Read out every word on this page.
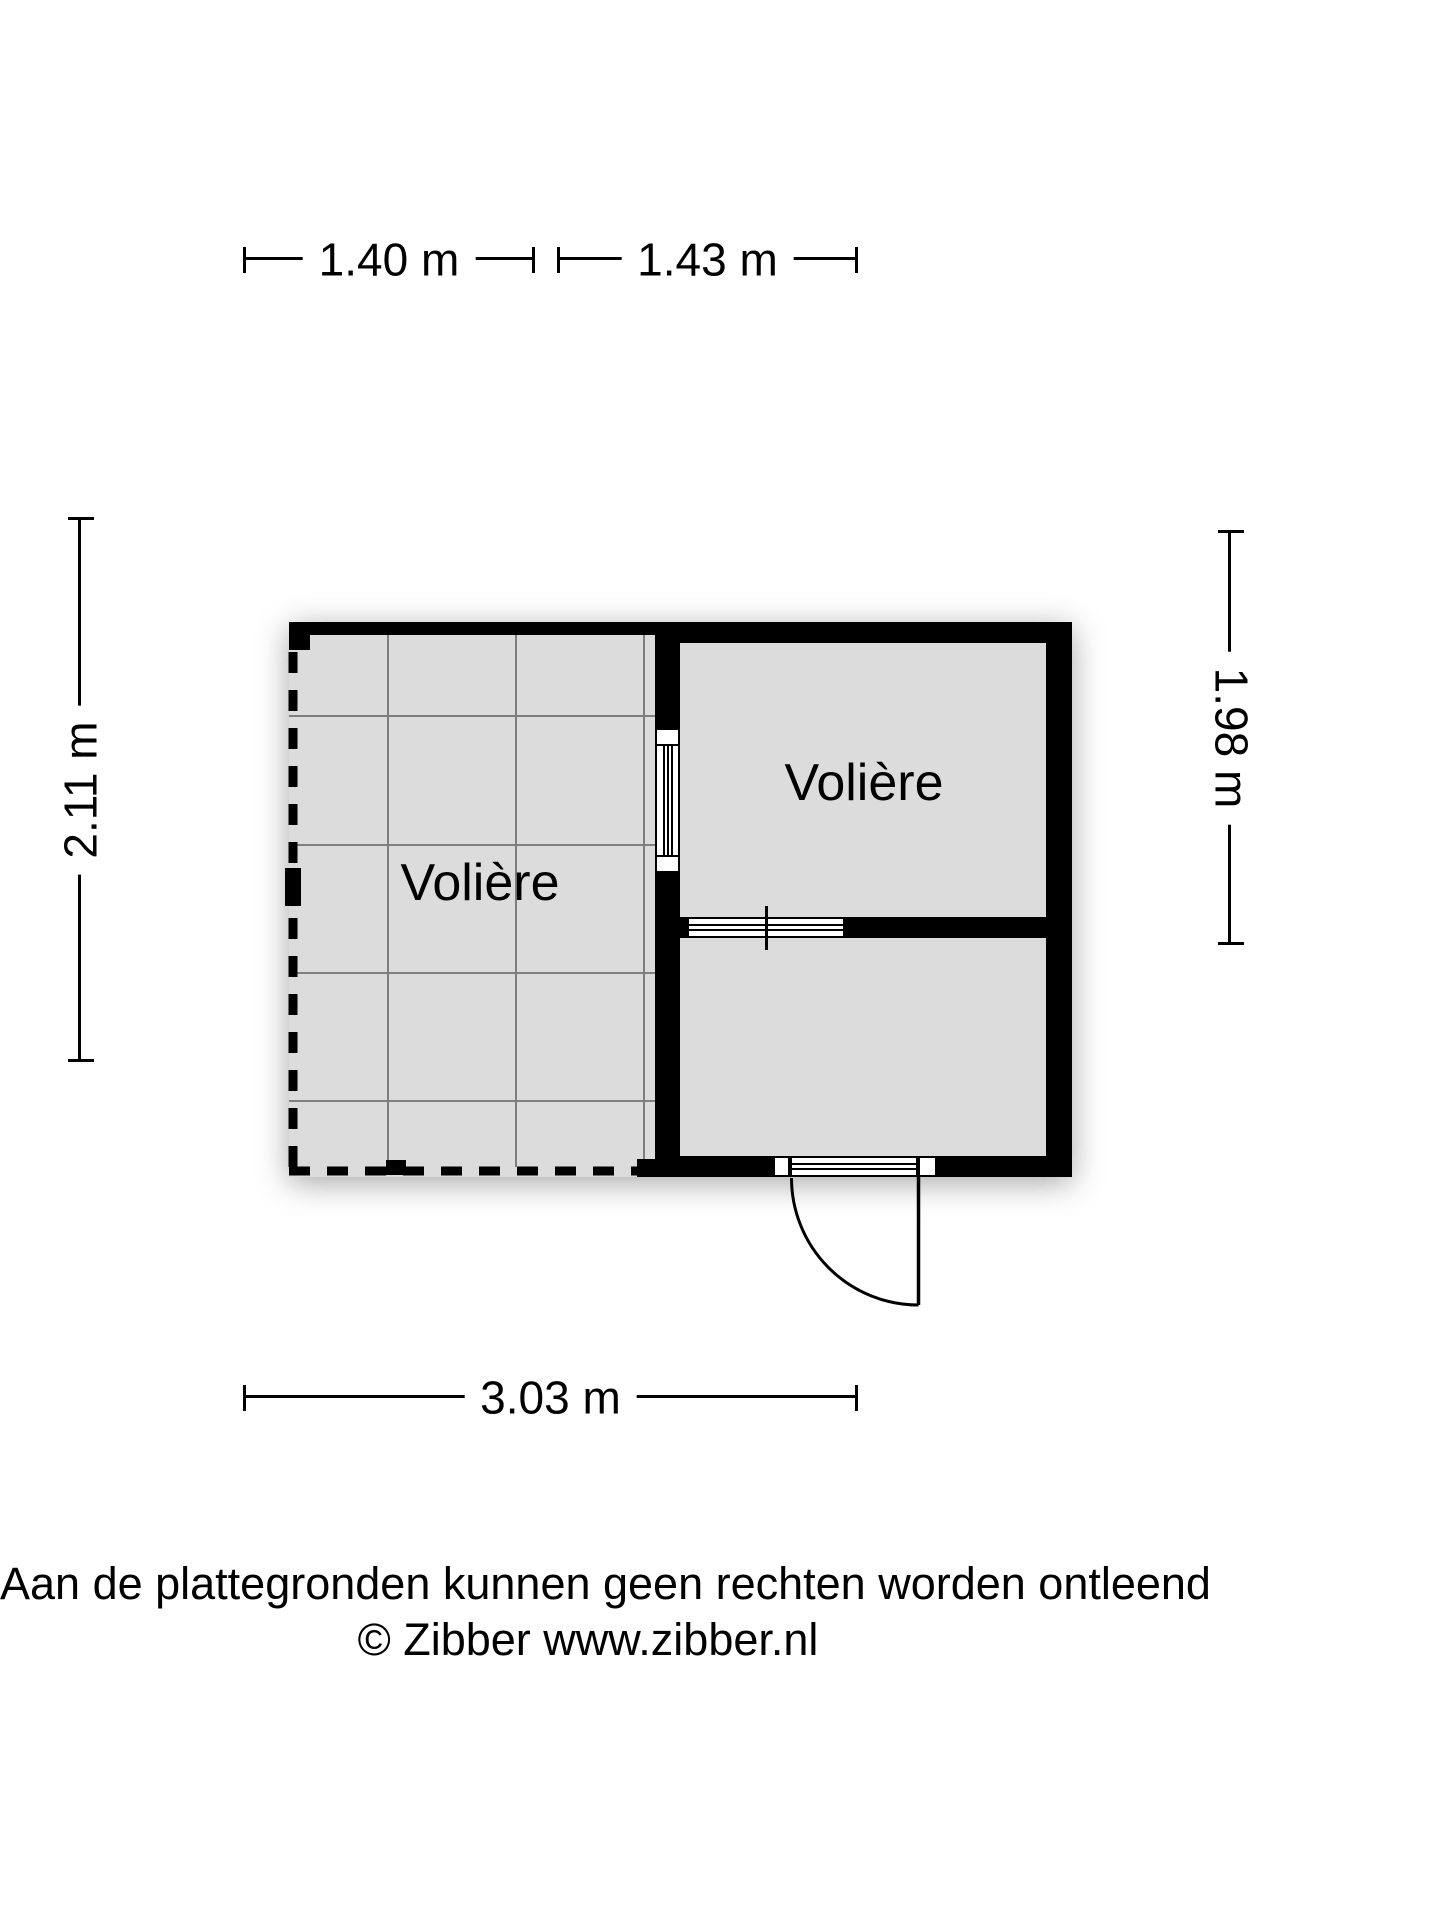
1.40 m	1.43 m
2.11 m	1.98 m
3.03 m
Volière
Volière
Aan de plattegronden kunnen geen rechten worden ontleend
© Zibber www.zibber.nl
